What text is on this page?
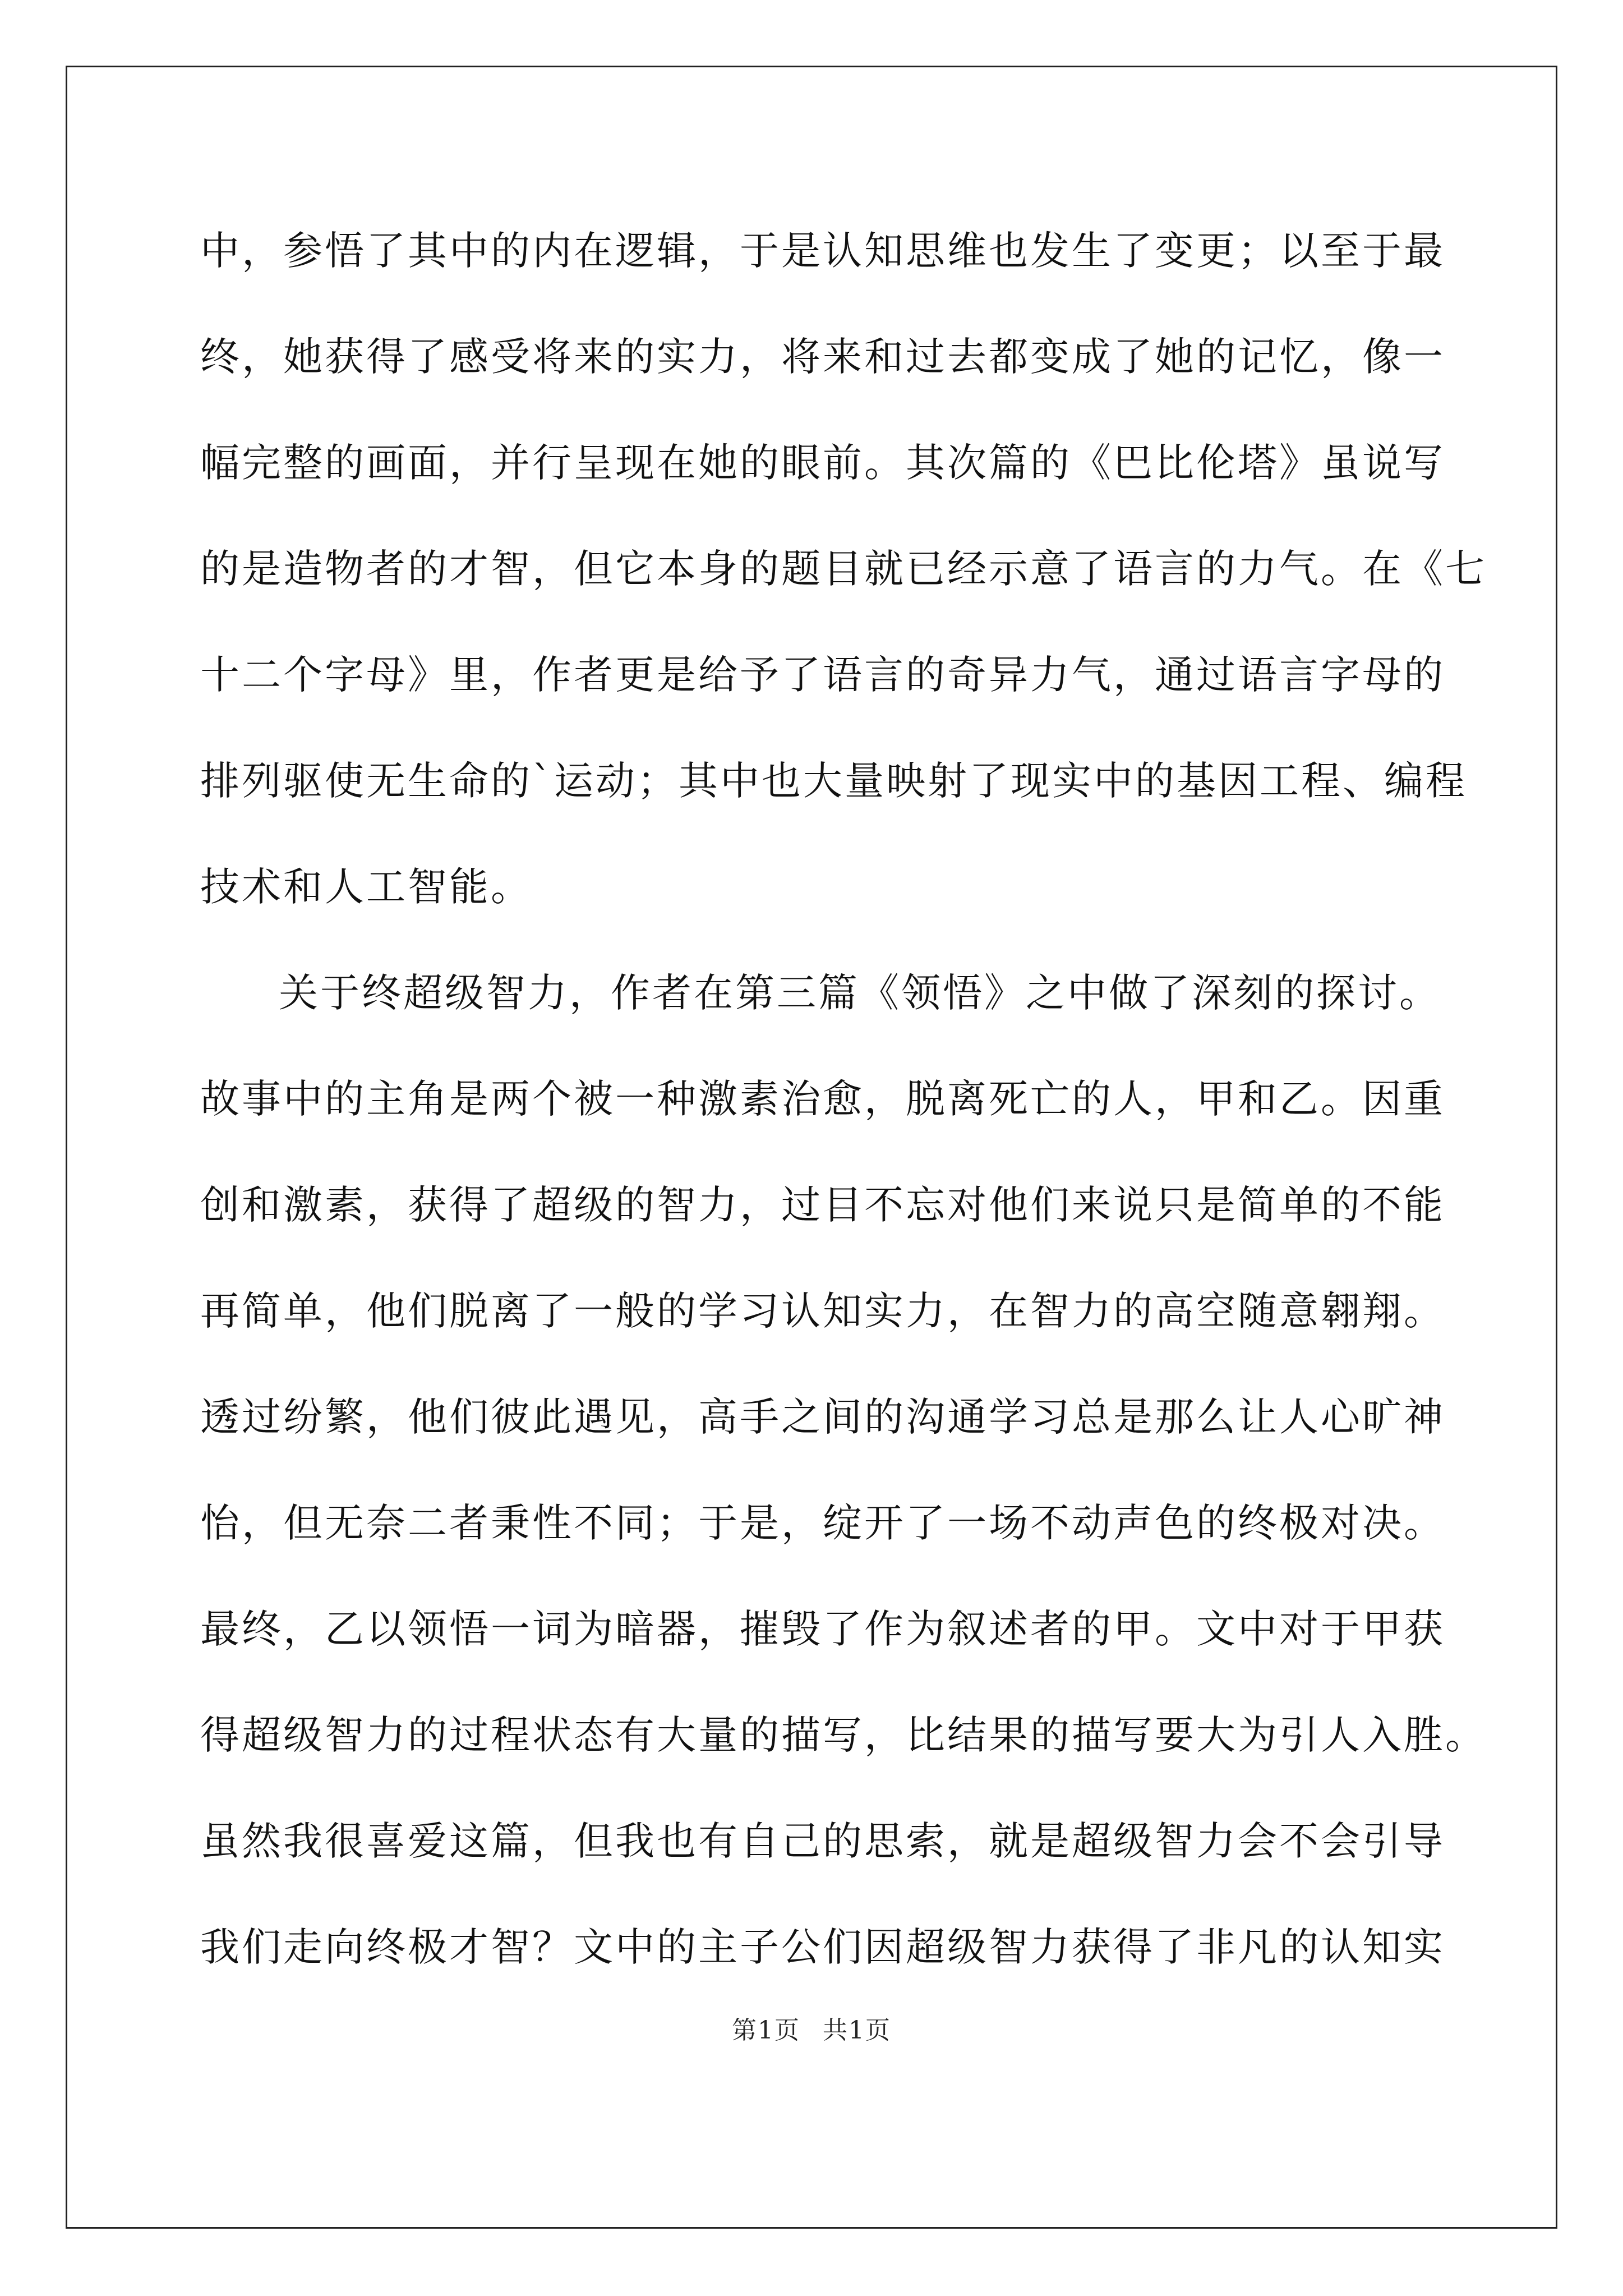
中，参悟了其中的内在逻辑，于是认知思维也发生了变更；以至于最

终，她获得了感受将来的实力，将来和过去都变成了她的记忆，像一

幅完整的画面，并行呈现在她的眼前。其次篇的《巴比伦塔》虽说写

的是造物者的才智，但它本身的题目就已经示意了语言的力气。在《七

十二个字母》里，作者更是给予了语言的奇异力气，通过语言字母的

排列驱使无生命的`运动；其中也大量映射了现实中的基因工程、编程

技术和人工智能。

关于终超级智力，作者在第三篇《领悟》之中做了深刻的探讨。

故事中的主角是两个被一种激素治愈，脱离死亡的人，甲和乙。因重

创和激素，获得了超级的智力，过目不忘对他们来说只是简单的不能

再简单，他们脱离了一般的学习认知实力，在智力的高空随意翱翔。

透过纷繁，他们彼此遇见，高手之间的沟通学习总是那么让人心旷神

怡，但无奈二者秉性不同；于是，绽开了一场不动声色的终极对决。

最终，乙以领悟一词为暗器，摧毁了作为叙述者的甲。文中对于甲获

得超级智力的过程状态有大量的描写，比结果的描写要大为引人入胜。

虽然我很喜爱这篇，但我也有自己的思索，就是超级智力会不会引导

我们走向终极才智？文中的主子公们因超级智力获得了非凡的认知实

第1页 共1页
